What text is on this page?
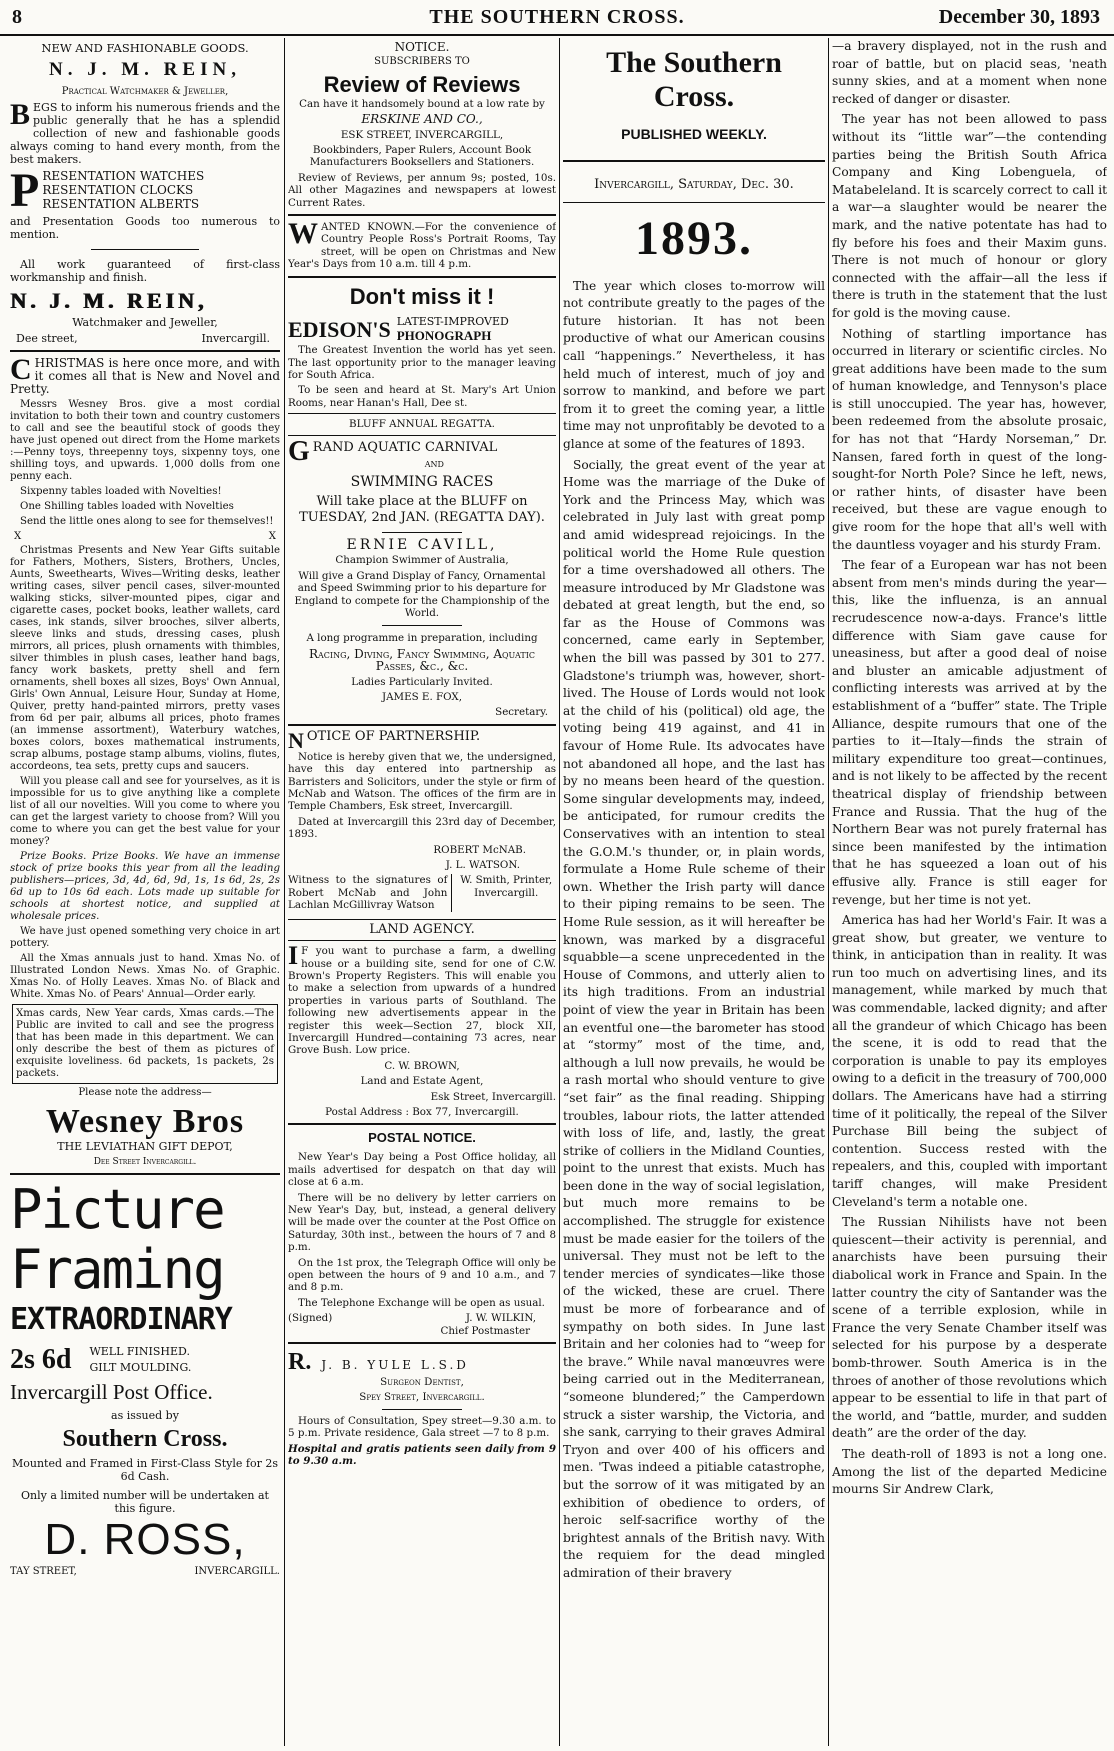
8	THE SOUTHERN CROSS.	December 30, 1893

NEW AND FASHIONABLE GOODS.

N. J. M. REIN,

Practical Watchmaker & Jeweller,

BEGS to inform his numerous friends and the public generally that he has a splendid collection of new and fashionable goods always coming to hand every month, from the best makers.

P RESENTATION WATCHES
RESENTATION CLOCKS
RESENTATION ALBERTS

and Presentation Goods too numerous to mention.

All work guaranteed of first-class workmanship and finish.

N. J. M. REIN,

Watchmaker and Jeweller,

Dee street,	Invercargill.

CHRISTMAS is here once more, and with it comes all that is New and Novel and Pretty.

Messrs Wesney Bros. give a most cordial invitation to both their town and country customers to call and see the beautiful stock of goods they have just opened out direct from the Home markets :—Penny toys, threepenny toys, sixpenny toys, one shilling toys, and upwards. 1,000 dolls from one penny each.

Sixpenny tables loaded with Novelties!

One Shilling tables loaded with Novelties

Send the little ones along to see for themselves!!

X	X

Christmas Presents and New Year Gifts suitable for Fathers, Mothers, Sisters, Brothers, Uncles, Aunts, Sweethearts, Wives—Writing desks, leather writing cases, silver pencil cases, silver-mounted walking sticks, silver-mounted pipes, cigar and cigarette cases, pocket books, leather wallets, card cases, ink stands, silver brooches, silver alberts, sleeve links and studs, dressing cases, plush mirrors, all prices, plush ornaments with thimbles, silver thimbles in plush cases, leather hand bags, fancy work baskets, pretty shell and fern ornaments, shell boxes all sizes, Boys' Own Annual, Girls' Own Annual, Leisure Hour, Sunday at Home, Quiver, pretty hand-painted mirrors, pretty vases from 6d per pair, albums all prices, photo frames (an immense assortment), Waterbury watches, boxes colors, boxes mathematical instruments, scrap albums, postage stamp albums, violins, flutes, accordeons, tea sets, pretty cups and saucers.

Will you please call and see for yourselves, as it is impossible for us to give anything like a complete list of all our novelties. Will you come to where you can get the largest variety to choose from? Will you come to where you can get the best value for your money?

Prize Books. Prize Books. We have an immense stock of prize books this year from all the leading publishers—prices, 3d, 4d, 6d, 9d, 1s, 1s 6d, 2s, 2s 6d up to 10s 6d each. Lots made up suitable for schools at shortest notice, and supplied at wholesale prices.

We have just opened something very choice in art pottery.

All the Xmas annuals just to hand. Xmas No. of Illustrated London News. Xmas No. of Graphic. Xmas No. of Holly Leaves. Xmas No. of Black and White. Xmas No. of Pears' Annual—Order early.

Xmas cards, New Year cards, Xmas cards.—The Public are invited to call and see the progress that has been made in this department. We can only describe the best of them as pictures of exquisite loveliness. 6d packets, 1s packets, 2s packets.

Please note the address—

Wesney Bros

THE LEVIATHAN GIFT DEPOT,

Dee Street Invercargill.

Picture
Framing
EXTRAORDINARY
2s 6d WELL FINISHED.
GILT MOULDING.
Invercargill Post Office.

as issued by

Southern Cross.

Mounted and Framed in First-Class Style for 2s 6d Cash.

Only a limited number will be undertaken at this figure.

D. ROSS,
TAY STREET,	INVERCARGILL.

NOTICE.

SUBSCRIBERS TO

Review of Reviews

Can have it handsomely bound at a low rate by

ERSKINE AND CO.,

ESK STREET, INVERCARGILL,

Bookbinders, Paper Rulers, Account Book Manufacturers Booksellers and Stationers.

Review of Reviews, per annum 9s; posted, 10s. All other Magazines and newspapers at lowest Current Rates.

WANTED KNOWN.—For the convenience of Country People Ross's Portrait Rooms, Tay street, will be open on Christmas and New Year's Days from 10 a.m. till 4 p.m.

Don't miss it !
EDISON'S LATEST-IMPROVED
PHONOGRAPH

The Greatest Invention the world has yet seen. The last opportunity prior to the manager leaving for South Africa.

To be seen and heard at St. Mary's Art Union Rooms, near Hanan's Hall, Dee st.

BLUFF ANNUAL REGATTA.

GRAND AQUATIC CARNIVAL

AND

SWIMMING RACES

Will take place at the BLUFF on TUESDAY, 2nd JAN. (REGATTA DAY).

ERNIE CAVILL,

Champion Swimmer of Australia,

Will give a Grand Display of Fancy, Ornamental and Speed Swimming prior to his departure for England to compete for the Championship of the World.

A long programme in preparation, including

Racing, Diving, Fancy Swimming, Aquatic Passes, &c., &c.

Ladies Particularly Invited.

JAMES E. FOX,

Secretary.

NOTICE OF PARTNERSHIP.

Notice is hereby given that we, the undersigned, have this day entered into partnership as Barristers and Solicitors, under the style or firm of McNab and Watson. The offices of the firm are in Temple Chambers, Esk street, Invercargill.

Dated at Invercargill this 23rd day of December, 1893.

ROBERT McNAB.

J. L. WATSON.

Witness to the signatures of Robert McNab and John Lachlan McGillivray Watson

W. Smith, Printer, Invercargill.

LAND AGENCY.

I F you want to purchase a farm, a dwelling house or a building site, send for one of C.W. Brown's Property Registers. This will enable you to make a selection from upwards of a hundred properties in various parts of Southland. The following new advertisements appear in the register this week—Section 27, block XII, Invercargill Hundred—containing 73 acres, near Grove Bush. Low price.

C. W. BROWN,

Land and Estate Agent,

Esk Street, Invercargill.

Postal Address : Box 77, Invercargill.

POSTAL NOTICE.

New Year's Day being a Post Office holiday, all mails advertised for despatch on that day will close at 6 a.m.

There will be no delivery by letter carriers on New Year's Day, but, instead, a general delivery will be made over the counter at the Post Office on Saturday, 30th inst., between the hours of 7 and 8 p.m.

On the 1st prox, the Telegraph Office will only be open between the hours of 9 and 10 a.m., and 7 and 8 p.m.

The Telephone Exchange will be open as usual.

(Signed)	J. W. WILKIN,

Chief Postmaster

R. J. B. YULE L.S.D

Surgeon Dentist,

Spey Street, Invercargill.

Hours of Consultation, Spey street—9.30 a.m. to 5 p.m. Private residence, Gala street —7 to 8 p.m.

Hospital and gratis patients seen daily from 9 to 9.30 a.m.

The Southern Cross.

PUBLISHED WEEKLY.

Invercargill, Saturday, Dec. 30.

1893.

The year which closes to-morrow will not contribute greatly to the pages of the future historian. It has not been productive of what our American cousins call “happenings.” Nevertheless, it has held much of interest, much of joy and sorrow to mankind, and before we part from it to greet the coming year, a little time may not unprofitably be devoted to a glance at some of the features of 1893.

Socially, the great event of the year at Home was the marriage of the Duke of York and the Princess May, which was celebrated in July last with great pomp and amid widespread rejoicings. In the political world the Home Rule question for a time overshadowed all others. The measure introduced by Mr Gladstone was debated at great length, but the end, so far as the House of Commons was concerned, came early in September, when the bill was passed by 301 to 277. Gladstone's triumph was, however, short-lived. The House of Lords would not look at the child of his (political) old age, the voting being 419 against, and 41 in favour of Home Rule. Its advocates have not abandoned all hope, and the last has by no means been heard of the question. Some singular developments may, indeed, be anticipated, for rumour credits the Conservatives with an intention to steal the G.O.M.'s thunder, or, in plain words, formulate a Home Rule scheme of their own. Whether the Irish party will dance to their piping remains to be seen. The Home Rule session, as it will hereafter be known, was marked by a disgraceful squabble—a scene unprecedented in the House of Commons, and utterly alien to its high traditions. From an industrial point of view the year in Britain has been an eventful one—the barometer has stood at “stormy” most of the time, and, although a lull now prevails, he would be a rash mortal who should venture to give “set fair” as the final reading. Shipping troubles, labour riots, the latter attended with loss of life, and, lastly, the great strike of colliers in the Midland Counties, point to the unrest that exists. Much has been done in the way of social legislation, but much more remains to be accomplished. The struggle for existence must be made easier for the toilers of the universal. They must not be left to the tender mercies of syndicates—like those of the wicked, these are cruel. There must be more of forbearance and of sympathy on both sides. In June last Britain and her colonies had to “weep for the brave.” While naval manœuvres were being carried out in the Mediterranean, “someone blundered;” the Camperdown struck a sister warship, the Victoria, and she sank, carrying to their graves Admiral Tryon and over 400 of his officers and men. 'Twas indeed a pitiable catastrophe, but the sorrow of it was mitigated by an exhibition of obedience to orders, of heroic self-sacrifice worthy of the brightest annals of the British navy. With the requiem for the dead mingled admiration of their bravery

—a bravery displayed, not in the rush and roar of battle, but on placid seas, 'neath sunny skies, and at a moment when none recked of danger or disaster.

The year has not been allowed to pass without its “little war”—the contending parties being the British South Africa Company and King Lobenguela, of Matabeleland. It is scarcely correct to call it a war—a slaughter would be nearer the mark, and the native potentate has had to fly before his foes and their Maxim guns. There is not much of honour or glory connected with the affair—all the less if there is truth in the statement that the lust for gold is the moving cause.

Nothing of startling importance has occurred in literary or scientific circles. No great additions have been made to the sum of human knowledge, and Tennyson's place is still unoccupied. The year has, however, been redeemed from the absolute prosaic, for has not that “Hardy Norseman,” Dr. Nansen, fared forth in quest of the long-sought-for North Pole? Since he left, news, or rather hints, of disaster have been received, but these are vague enough to give room for the hope that all's well with the dauntless voyager and his sturdy Fram.

The fear of a European war has not been absent from men's minds during the year—this, like the influenza, is an annual recrudescence now-a-days. France's little difference with Siam gave cause for uneasiness, but after a good deal of noise and bluster an amicable adjustment of conflicting interests was arrived at by the establishment of a “buffer” state. The Triple Alliance, despite rumours that one of the parties to it—Italy—finds the strain of military expenditure too great—continues, and is not likely to be affected by the recent theatrical display of friendship between France and Russia. That the hug of the Northern Bear was not purely fraternal has since been manifested by the intimation that he has squeezed a loan out of his effusive ally. France is still eager for revenge, but her time is not yet.

America has had her World's Fair. It was a great show, but greater, we venture to think, in anticipation than in reality. It was run too much on advertising lines, and its management, while marked by much that was commendable, lacked dignity; and after all the grandeur of which Chicago has been the scene, it is odd to read that the corporation is unable to pay its employes owing to a deficit in the treasury of 700,000 dollars. The Americans have had a stirring time of it politically, the repeal of the Silver Purchase Bill being the subject of contention. Success rested with the repealers, and this, coupled with important tariff changes, will make President Cleveland's term a notable one.

The Russian Nihilists have not been quiescent—their activity is perennial, and anarchists have been pursuing their diabolical work in France and Spain. In the latter country the city of Santander was the scene of a terrible explosion, while in France the very Senate Chamber itself was selected for his purpose by a desperate bomb-thrower. South America is in the throes of another of those revolutions which appear to be essential to life in that part of the world, and “battle, murder, and sudden death” are the order of the day.

The death-roll of 1893 is not a long one. Among the list of the departed Medicine mourns Sir Andrew Clark,
